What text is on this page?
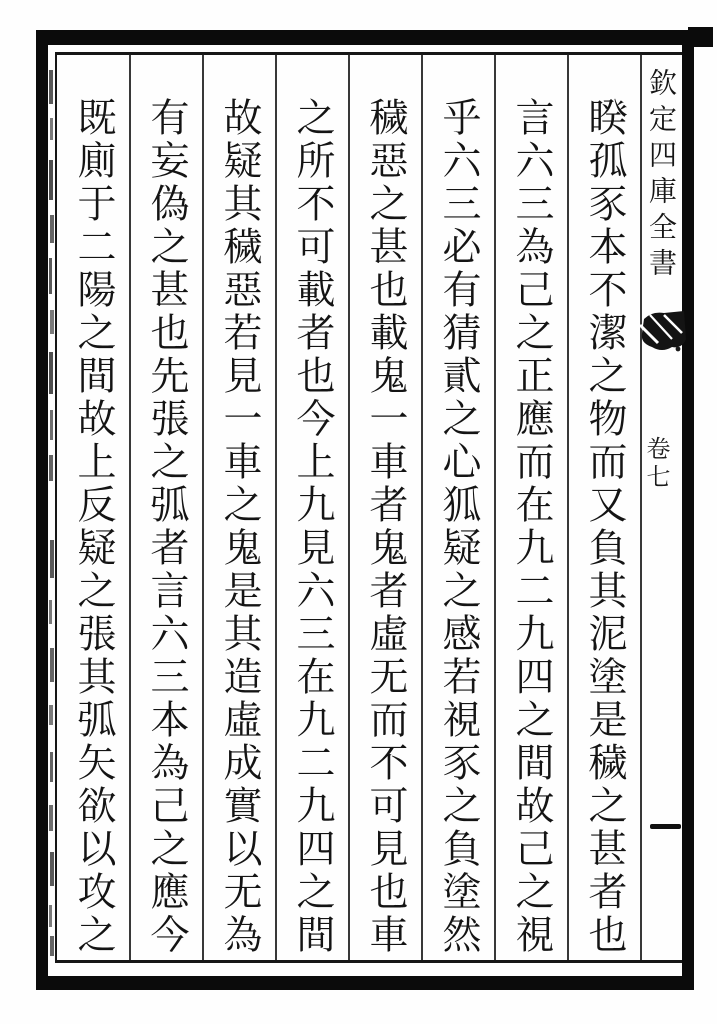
欽定四庫全書
卷七
睽孤豕本不潔之物而又負其泥塗是穢之甚者也
言六三為己之正應而在九二九四之間故己之視
乎六三必有猜貳之心狐疑之感若視豕之負塗然
穢惡之甚也載鬼一車者鬼者虛无而不可見也車
之所不可載者也今上九見六三在九二九四之間
故疑其穢惡若見一車之鬼是其造虛成實以无為
有妄偽之甚也先張之弧者言六三本為己之應今
既廁于二陽之間故上反疑之張其弧矢欲以攻之
